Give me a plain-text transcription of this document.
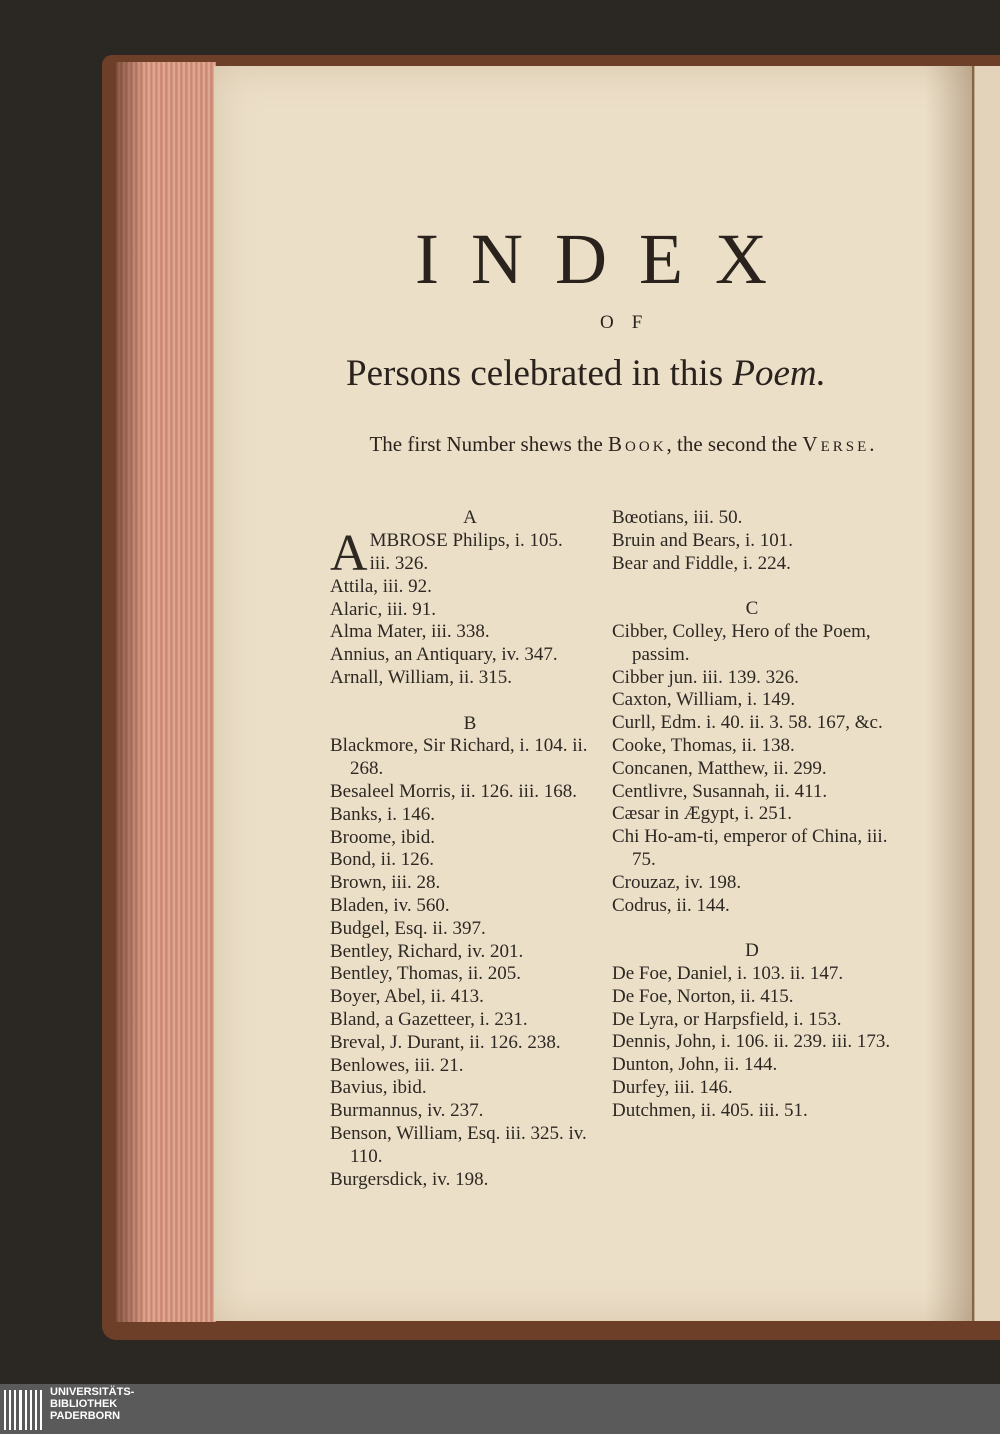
INDEX
OF
Persons celebrated in this Poem.
The first Number shews the Book, the second the Verse.
A
A MBROSE Philips, i. 105.
iii. 326.
Attila, iii. 92.
Alaric, iii. 91.
Alma Mater, iii. 338.
Annius, an Antiquary, iv. 347.
Arnall, William, ii. 315.
B
Blackmore, Sir Richard, i. 104. ii. 268.
Besaleel Morris, ii. 126. iii. 168.
Banks, i. 146.
Broome, ibid.
Bond, ii. 126.
Brown, iii. 28.
Bladen, iv. 560.
Budgel, Esq. ii. 397.
Bentley, Richard, iv. 201.
Bentley, Thomas, ii. 205.
Boyer, Abel, ii. 413.
Bland, a Gazetteer, i. 231.
Breval, J. Durant, ii. 126. 238.
Benlowes, iii. 21.
Bavius, ibid.
Burmannus, iv. 237.
Benson, William, Esq. iii. 325. iv. 110.
Burgersdick, iv. 198.
Bœotians, iii. 50.
Bruin and Bears, i. 101.
Bear and Fiddle, i. 224.
C
Cibber, Colley, Hero of the Poem, passim.
Cibber jun. iii. 139. 326.
Caxton, William, i. 149.
Curll, Edm. i. 40. ii. 3. 58. 167, &c.
Cooke, Thomas, ii. 138.
Concanen, Matthew, ii. 299.
Centlivre, Susannah, ii. 411.
Cæsar in Ægypt, i. 251.
Chi Ho-am-ti, emperor of China, iii. 75.
Crouzaz, iv. 198.
Codrus, ii. 144.
D
De Foe, Daniel, i. 103. ii. 147.
De Foe, Norton, ii. 415.
De Lyra, or Harpsfield, i. 153.
Dennis, John, i. 106. ii. 239. iii. 173.
Dunton, John, ii. 144.
Durfey, iii. 146.
Dutchmen, ii. 405. iii. 51.
UNIVERSITÄTS-
BIBLIOTHEK
PADERBORN
